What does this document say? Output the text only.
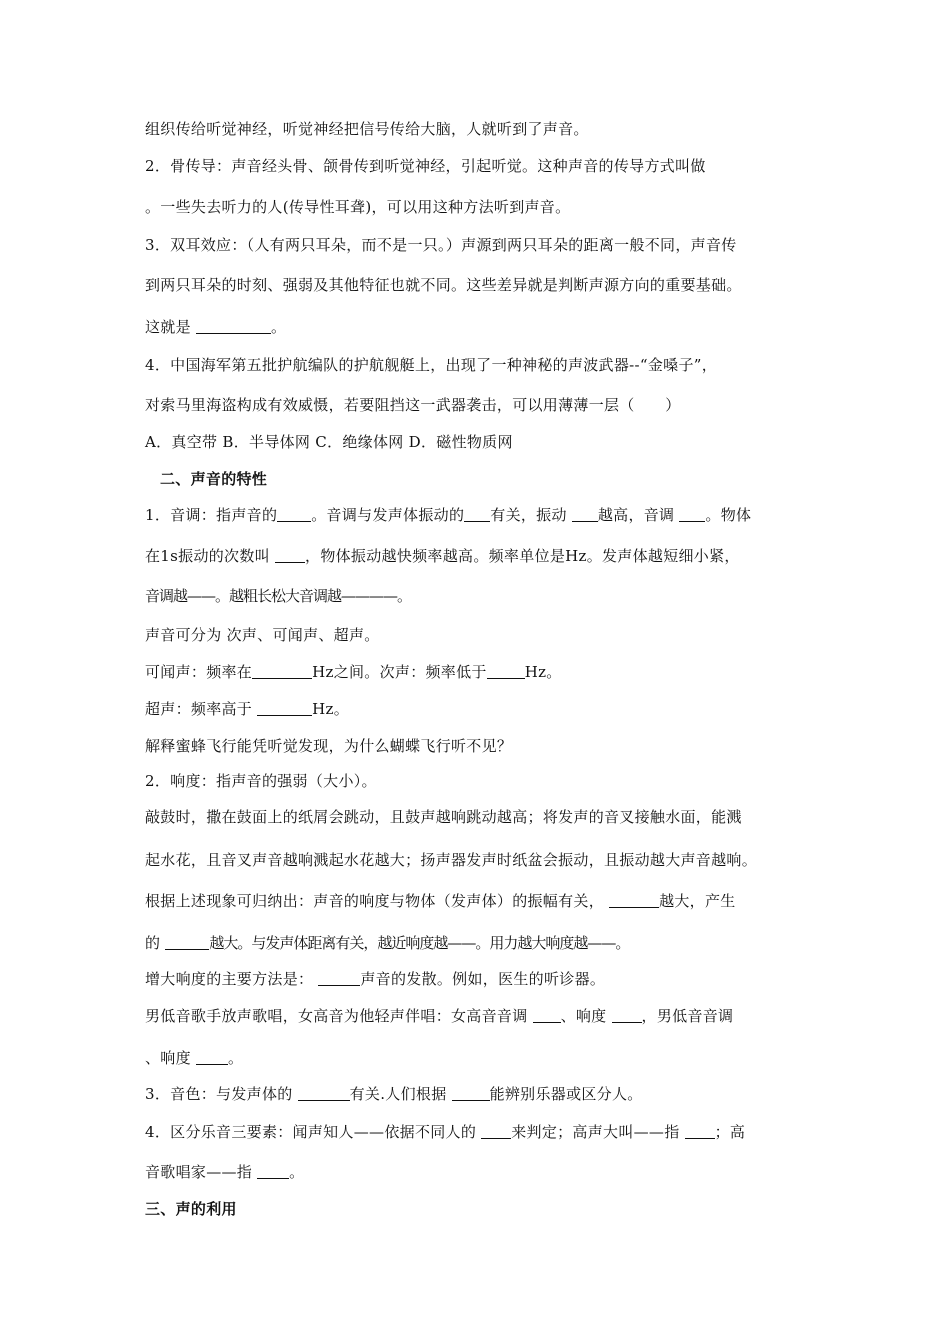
组织传给听觉神经，听觉神经把信号传给大脑，人就听到了声音。
2．骨传导：声音经头骨、颌骨传到听觉神经，引起听觉。这种声音的传导方式叫做
。一些失去听力的人(传导性耳聋)，可以用这种方法听到声音。
3．双耳效应：（人有两只耳朵，而不是一只。）声源到两只耳朵的距离一般不同，声音传
到两只耳朵的时刻、强弱及其他特征也就不同。这些差异就是判断声源方向的重要基础。
这就是	。
4．中国海军第五批护航编队的护航舰艇上，出现了一种神秘的声波武器--“金嗓子”，
对索马里海盗构成有效威慑，若要阻挡这一武器袭击，可以用薄薄一层（　　）
A．真空带 B．半导体网 C．绝缘体网 D．磁性物质网
二、声音的特性
1．音调：指声音的 。音调与发声体振动的 有关，振动 越高，音调 。物体
在1s振动的次数叫 ，物体振动越快频率越高。频率单位是Hz。发声体越短细小紧，
音调越——。越粗长松大音调越————。
声音可分为 次声、可闻声、超声。
可闻声：频率在	Hz之间。次声：频率低于	Hz。
超声：频率高于	Hz。
解释蜜蜂飞行能凭听觉发现，为什么蝴蝶飞行听不见？
2．响度：指声音的强弱（大小）。
敲鼓时，撒在鼓面上的纸屑会跳动，且鼓声越响跳动越高；将发声的音叉接触水面，能溅
起水花，且音叉声音越响溅起水花越大；扬声器发声时纸盆会振动，且振动越大声音越响。
根据上述现象可归纳出：声音的响度与物体（发声体）的振幅有关，	越大，产生
的	越大。与发声体距离有关，越近响度越——。用力越大响度越——。
增大响度的主要方法是：	声音的发散。例如，医生的听诊器。
男低音歌手放声歌唱，女高音为他轻声伴唱：女高音音调 、响度 ，男低音音调
、响度 。
3．音色：与发声体的	有关.人们根据	能辨别乐器或区分人。
4．区分乐音三要素：闻声知人——依据不同人的 来判定；高声大叫——指 ；高
音歌唱家——指 。
三、声的利用
